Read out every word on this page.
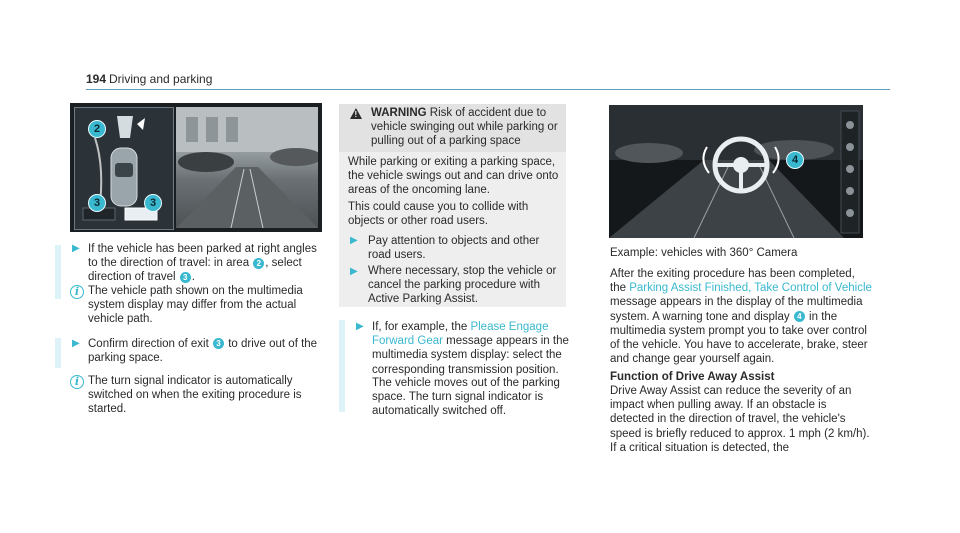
194 Driving and parking
2
3	3
▶ If the vehicle has been parked at right angles to the direction of travel: in area 2 , select direction of travel 3 .
i The vehicle path shown on the multimedia system display may differ from the actual vehicle path.
▶ Confirm direction of exit 3 to drive out of the parking space.
i The turn signal indicator is automatically switched on when the exiting procedure is started.
! WARNING Risk of accident due to vehicle swinging out while parking or pulling out of a parking space
While parking or exiting a parking space, the vehicle swings out and can drive onto areas of the oncoming lane.
This could cause you to collide with objects or other road users.
▶ Pay attention to objects and other road users.
▶ Where necessary, stop the vehicle or cancel the parking procedure with Active Parking Assist.
▶ If, for example, the Please Engage Forward Gear message appears in the multimedia system display: select the corresponding transmission position.
The vehicle moves out of the parking space. The turn signal indicator is automatically switched off.
4
Example: vehicles with 360° Camera
After the exiting procedure has been completed, the Parking Assist Finished, Take Control of Vehicle message appears in the display of the multimedia system. A warning tone and display 4 in the multimedia system prompt you to take over control of the vehicle. You have to accelerate, brake, steer and change gear yourself again.
Function of Drive Away Assist
Drive Away Assist can reduce the severity of an impact when pulling away. If an obstacle is detected in the direction of travel, the vehicle's speed is briefly reduced to approx. 1 mph (2 km/h). If a critical situation is detected, the
